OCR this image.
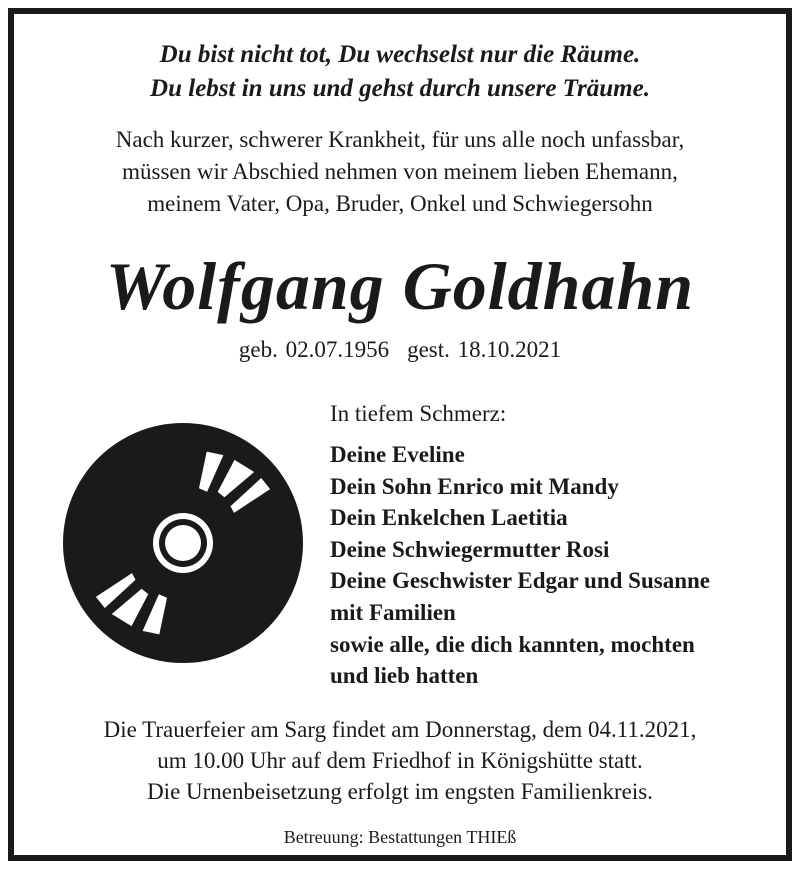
Du bist nicht tot, Du wechselst nur die Räume.
Du lebst in uns und gehst durch unsere Träume.
Nach kurzer, schwerer Krankheit, für uns alle noch unfassbar,
müssen wir Abschied nehmen von meinem lieben Ehemann,
meinem Vater, Opa, Bruder, Onkel und Schwiegersohn
Wolfgang Goldhahn
geb. 02.07.1956 gest. 18.10.2021
In tiefem Schmerz:
Deine Eveline
Dein Sohn Enrico mit Mandy
Dein Enkelchen Laetitia
Deine Schwiegermutter Rosi
Deine Geschwister Edgar und Susanne
mit Familien
sowie alle, die dich kannten, mochten
und lieb hatten
Die Trauerfeier am Sarg findet am Donnerstag, dem 04.11.2021,
um 10.00 Uhr auf dem Friedhof in Königshütte statt.
Die Urnenbeisetzung erfolgt im engsten Familienkreis.
Betreuung: Bestattungen THIEß
